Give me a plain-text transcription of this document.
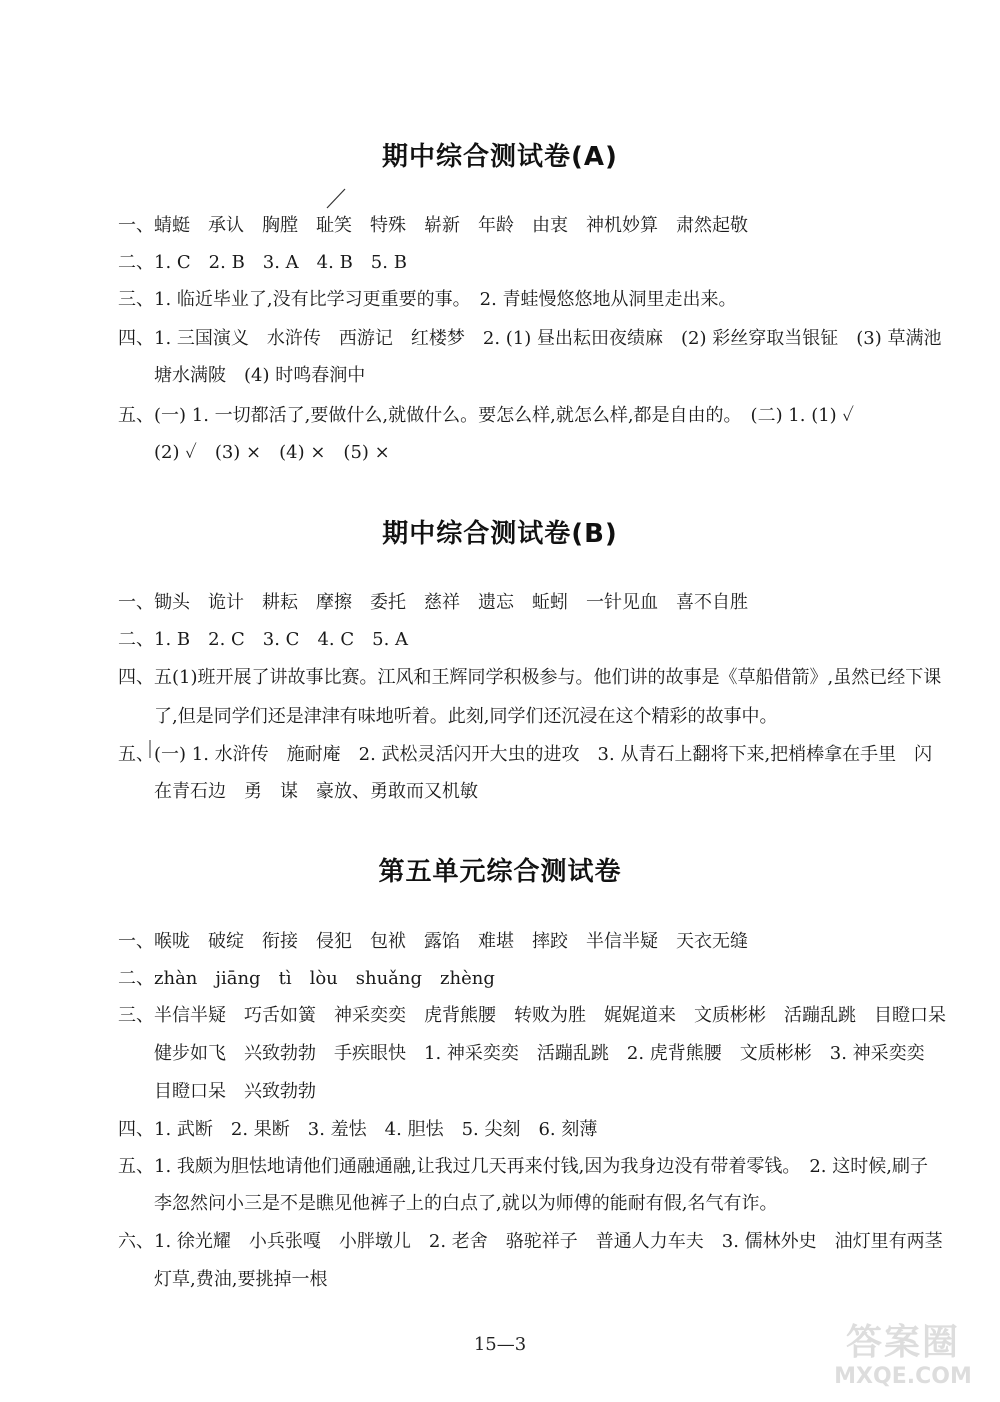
期中综合测试卷(A)
一、蜻蜓　承认　胸膛　耻笑　特殊　崭新　年龄　由衷　神机妙算　肃然起敬
二、1. C　2. B　3. A　4. B　5. B
三、1. 临近毕业了,没有比学习更重要的事。　2. 青蛙慢悠悠地从洞里走出来。
四、1. 三国演义　水浒传　西游记　红楼梦　2. (1) 昼出耘田夜绩麻　(2) 彩丝穿取当银钲　(3) 草满池
　　塘水满陂　(4) 时鸣春涧中
五、(一) 1. 一切都活了,要做什么,就做什么。要怎么样,就怎么样,都是自由的。　(二) 1. (1) ✓
　　(2) ✓　(3) ×　(4) ×　(5) ×
期中综合测试卷(B)
一、锄头　诡计　耕耘　摩擦　委托　慈祥　遗忘　蚯蚓　一针见血　喜不自胜
二、1. B　2. C　3. C　4. C　5. A
四、五(1)班开展了讲故事比赛。江风和王辉同学积极参与。他们讲的故事是《草船借箭》,虽然已经下课
　　了,但是同学们还是津津有味地听着。此刻,同学们还沉浸在这个精彩的故事中。
五、(一) 1. 水浒传　施耐庵　2. 武松灵活闪开大虫的进攻　3. 从青石上翻将下来,把梢棒拿在手里　闪
　　在青石边　勇　谋　豪放、勇敢而又机敏
第五单元综合测试卷
一、喉咙　破绽　衔接　侵犯　包袱　露馅　难堪　摔跤　半信半疑　天衣无缝
二、zhàn　jiāng　tì　lòu　shuǎng　zhèng
三、半信半疑　巧舌如簧　神采奕奕　虎背熊腰　转败为胜　娓娓道来　文质彬彬　活蹦乱跳　目瞪口呆
　　健步如飞　兴致勃勃　手疾眼快　1. 神采奕奕　活蹦乱跳　2. 虎背熊腰　文质彬彬　3. 神采奕奕
　　目瞪口呆　兴致勃勃
四、1. 武断　2. 果断　3. 羞怯　4. 胆怯　5. 尖刻　6. 刻薄
五、1. 我颇为胆怯地请他们通融通融,让我过几天再来付钱,因为我身边没有带着零钱。　2. 这时候,刷子
　　李忽然问小三是不是瞧见他裤子上的白点了,就以为师傅的能耐有假,名气有诈。
六、1. 徐光耀　小兵张嘎　小胖墩儿　2. 老舍　骆驼祥子　普通人力车夫　3. 儒林外史　油灯里有两茎
　　灯草,费油,要挑掉一根
15—3	答案圈
MXQE.COM
